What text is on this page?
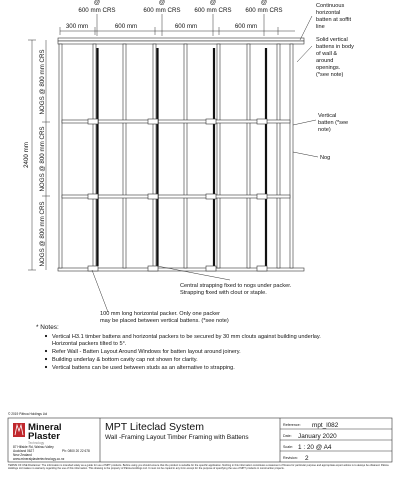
@
600 mm CRS
@
600 mm CRS
@
600 mm CRS
@
600 mm CRS
300 mm	600 mm	600 mm	600 mm
2400 mm
NOGS @ 800 mm CRS
NOGS @ 800 mm CRS
NOGS @ 800 mm CRS
Continuous
horizontal
batten at soffit
line
Solid vertical
battens in body
of wall &
around
openings.
(*see note)
Vertical
batten (*see
note)
Nog
Central strapping fixed to nogs under packer.
Strapping fixed with clout or staple.
100 mm long horizontal packer. Only one packer
may be placed between vertical battens. (*see note)
* Notes:
Vertical H3.1 timber battens and horizontal packers to be secured by 30 mm clouts against building underlay.
Horizontal packers tilted to 5°.
Refer Wall - Batten Layout Around Windows for batten layout around joinery.
Building underlay & bottom cavity cap not shown for clarity.
Vertical battens can be used between studs as an alternative to strapping.
© 2019 Pātroa Holdings Ltd
Mineral
Plaster
Technology
87 Hillside Rd, Wairau Valley
Auckland 0627
New Zealand
www.mineralplastertechnology.co.nz
Ph: 0800 20 22 678
MPT Liteclad System
Wall -Framing Layout Timber Framing with Battens
Reference: mpt_l082
Date: January 2020
Scale: 1 : 20 @ A4
Revision: 2
TERMS OF USE Disclaimer: The information is intended solely as a guide for use of MPT products. Before using you should ensure that the product is suitable for the specific application. Nothing in this information constitutes a statement of fitness for particular purpose and appropriate expert advice is to always be obtained. Pātroa Holdings Ltd makes no warranty regarding the use of this information. This drawing is the property of Pātroa Holdings Ltd. It must not be copied in any form except for the purpose of specifying the use of MPT products in construction projects.
